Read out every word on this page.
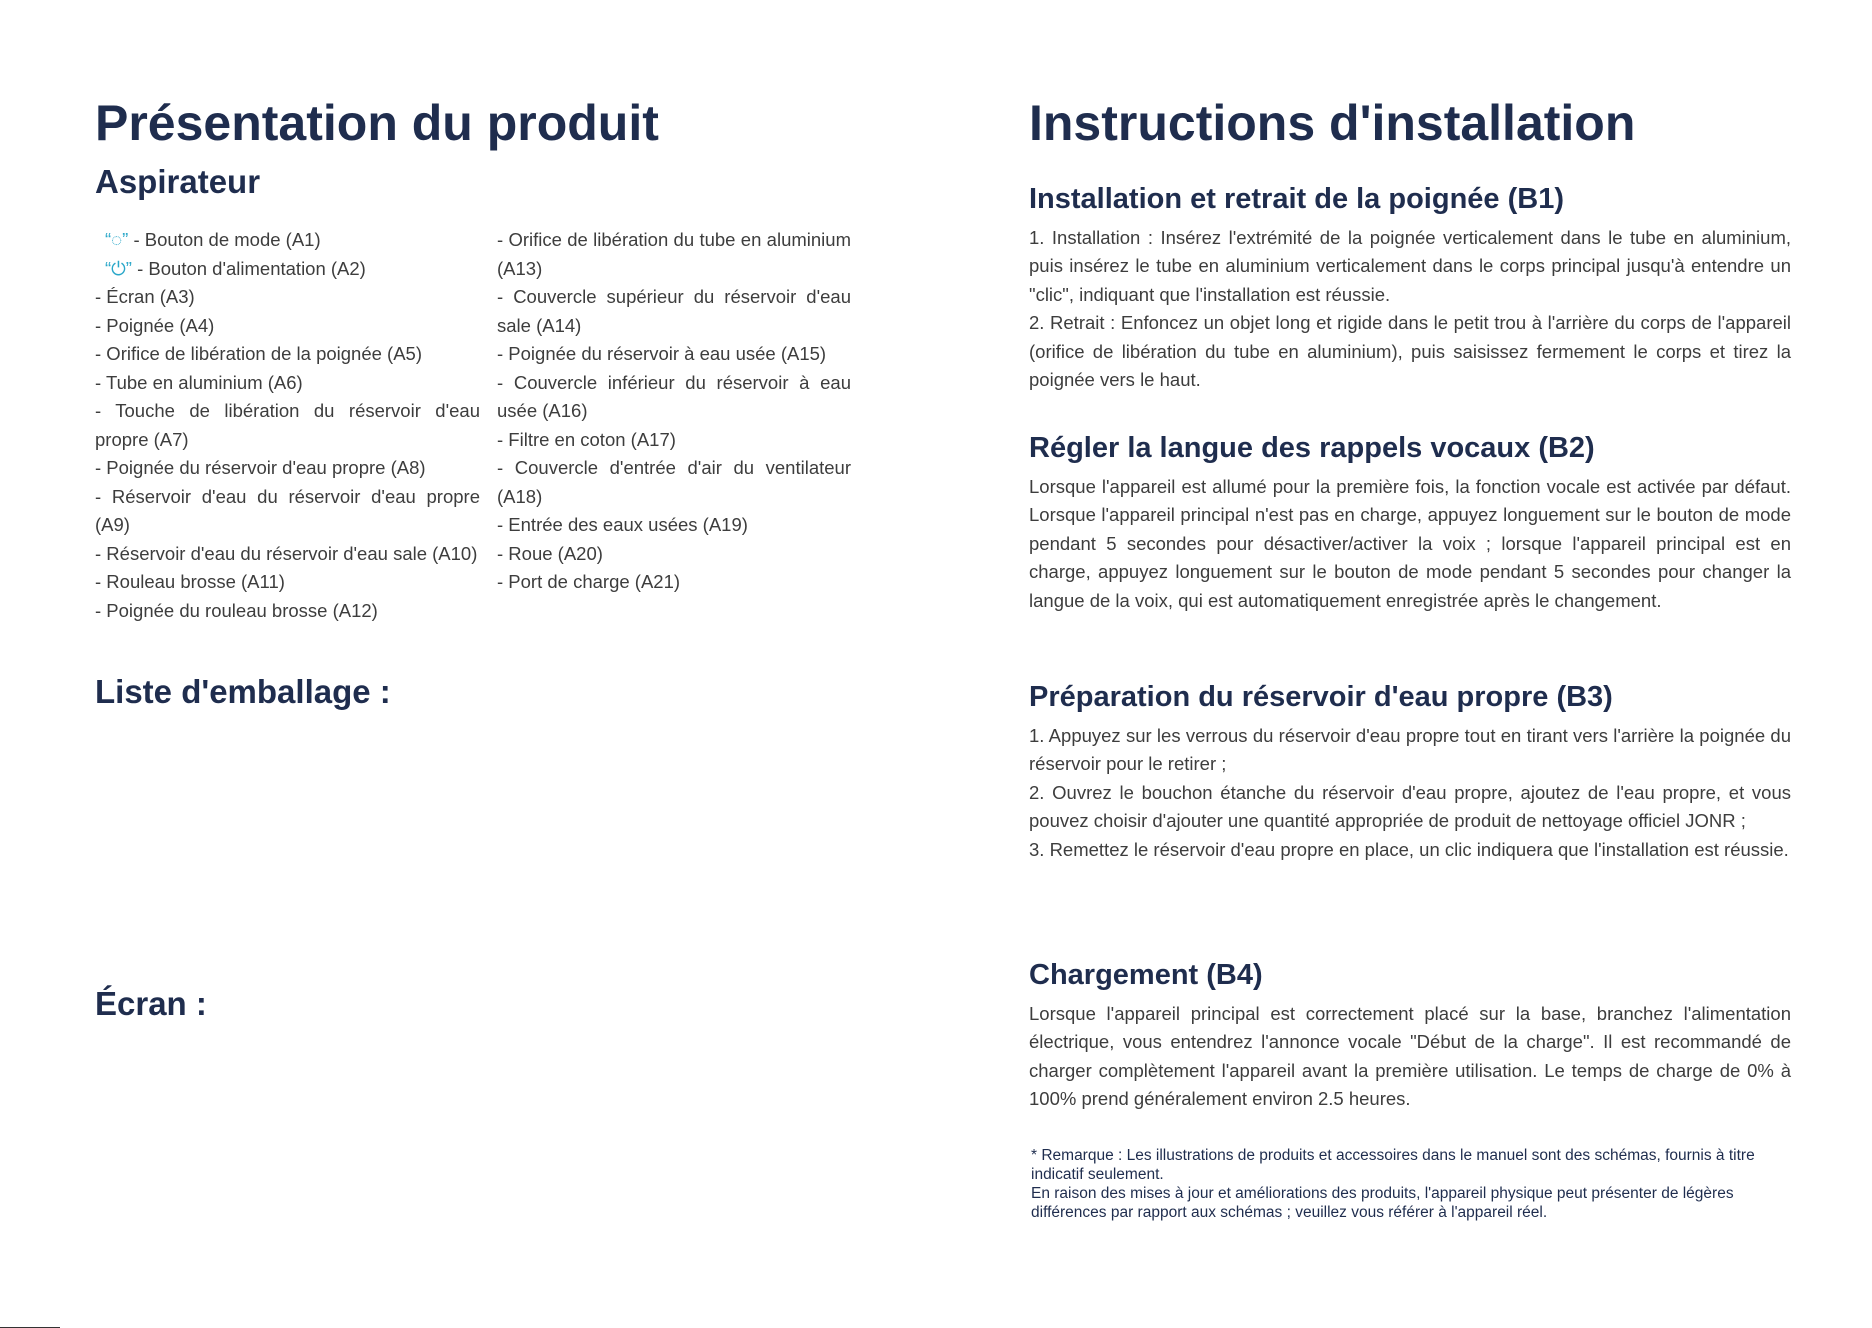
Présentation du produit
Aspirateur
“◌” - Bouton de mode (A1)
“⏻” - Bouton d'alimentation (A2)
- Écran (A3)
- Poignée (A4)
- Orifice de libération de la poignée (A5)
- Tube en aluminium (A6)
- Touche de libération du réservoir d'eau propre (A7)
- Poignée du réservoir d'eau propre (A8)
- Réservoir d'eau du réservoir d'eau propre (A9)
- Réservoir d'eau du réservoir d'eau sale (A10)
- Rouleau brosse (A11)
- Poignée du rouleau brosse (A12)
- Orifice de libération du tube en aluminium (A13)
- Couvercle supérieur du réservoir d'eau sale (A14)
- Poignée du réservoir à eau usée (A15)
- Couvercle inférieur du réservoir à eau usée (A16)
- Filtre en coton (A17)
- Couvercle d'entrée d'air du ventilateur (A18)
- Entrée des eaux usées (A19)
- Roue (A20)
- Port de charge (A21)
Liste d'emballage :
Écran :
Instructions d'installation
Installation et retrait de la poignée (B1)

1. Installation : Insérez l'extrémité de la poignée verticalement dans le tube en aluminium, puis insérez le tube en aluminium verticalement dans le corps principal jusqu'à entendre un "clic", indiquant que l'installation est réussie.

2. Retrait : Enfoncez un objet long et rigide dans le petit trou à l'arrière du corps de l'appareil (orifice de libération du tube en aluminium), puis saisissez fermement le corps et tirez la poignée vers le haut.

Régler la langue des rappels vocaux (B2)

Lorsque l'appareil est allumé pour la première fois, la fonction vocale est activée par défaut. Lorsque l'appareil principal n'est pas en charge, appuyez longuement sur le bouton de mode pendant 5 secondes pour désactiver/activer la voix ; lorsque l'appareil principal est en charge, appuyez longuement sur le bouton de mode pendant 5 secondes pour changer la langue de la voix, qui est automatiquement enregistrée après le changement.

Préparation du réservoir d'eau propre (B3)

1. Appuyez sur les verrous du réservoir d'eau propre tout en tirant vers l'arrière la poignée du réservoir pour le retirer ;

2. Ouvrez le bouchon étanche du réservoir d'eau propre, ajoutez de l'eau propre, et vous pouvez choisir d'ajouter une quantité appropriée de produit de nettoyage officiel JONR ;

3. Remettez le réservoir d'eau propre en place, un clic indiquera que l'installation est réussie.

Chargement (B4)

Lorsque l'appareil principal est correctement placé sur la base, branchez l'alimentation électrique, vous entendrez l'annonce vocale "Début de la charge". Il est recommandé de charger complètement l'appareil avant la première utilisation. Le temps de charge de 0% à 100% prend généralement environ 2.5 heures.

* Remarque : Les illustrations de produits et accessoires dans le manuel sont des schémas, fournis à titre indicatif seulement.

En raison des mises à jour et améliorations des produits, l'appareil physique peut présenter de légères différences par rapport aux schémas ; veuillez vous référer à l'appareil réel.
